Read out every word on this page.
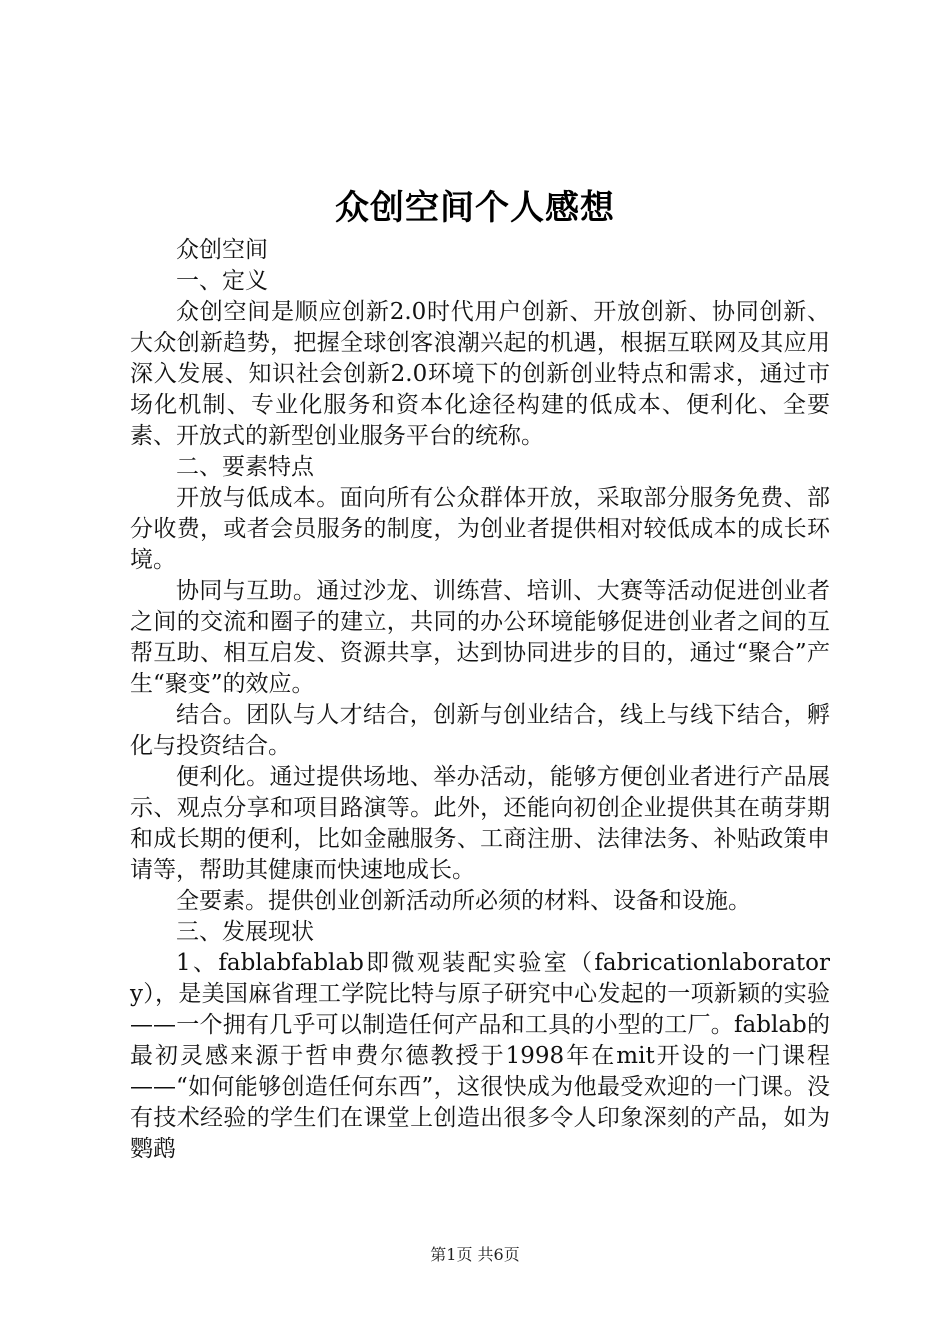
众创空间个人感想

众创空间

一、定义

众创空间是顺应创新2.0时代用户创新、开放创新、协同创新、大众创新趋势，把握全球创客浪潮兴起的机遇，根据互联网及其应用深入发展、知识社会创新2.0环境下的创新创业特点和需求，通过市场化机制、专业化服务和资本化途径构建的低成本、便利化、全要素、开放式的新型创业服务平台的统称。

二、要素特点

开放与低成本。面向所有公众群体开放，采取部分服务免费、部分收费，或者会员服务的制度，为创业者提供相对较低成本的成长环境。

协同与互助。通过沙龙、训练营、培训、大赛等活动促进创业者之间的交流和圈子的建立，共同的办公环境能够促进创业者之间的互帮互助、相互启发、资源共享，达到协同进步的目的，通过“聚合”产生“聚变”的效应。

结合。团队与人才结合，创新与创业结合，线上与线下结合，孵化与投资结合。

便利化。通过提供场地、举办活动，能够方便创业者进行产品展示、观点分享和项目路演等。此外，还能向初创企业提供其在萌芽期和成长期的便利，比如金融服务、工商注册、法律法务、补贴政策申请等，帮助其健康而快速地成长。

全要素。提供创业创新活动所必须的材料、设备和设施。

三、发展现状

1、fablabfablab即微观装配实验室（fabricationlaboratory），是美国麻省理工学院比特与原子研究中心发起的一项新颖的实验——一个拥有几乎可以制造任何产品和工具的小型的工厂。fablab的最初灵感来源于哲申费尔德教授于1998年在mit开设的一门课程——“如何能够创造任何东西”，这很快成为他最受欢迎的一门课。没有技术经验的学生们在课堂上创造出很多令人印象深刻的产品，如为鹦鹉

第1页 共6页
